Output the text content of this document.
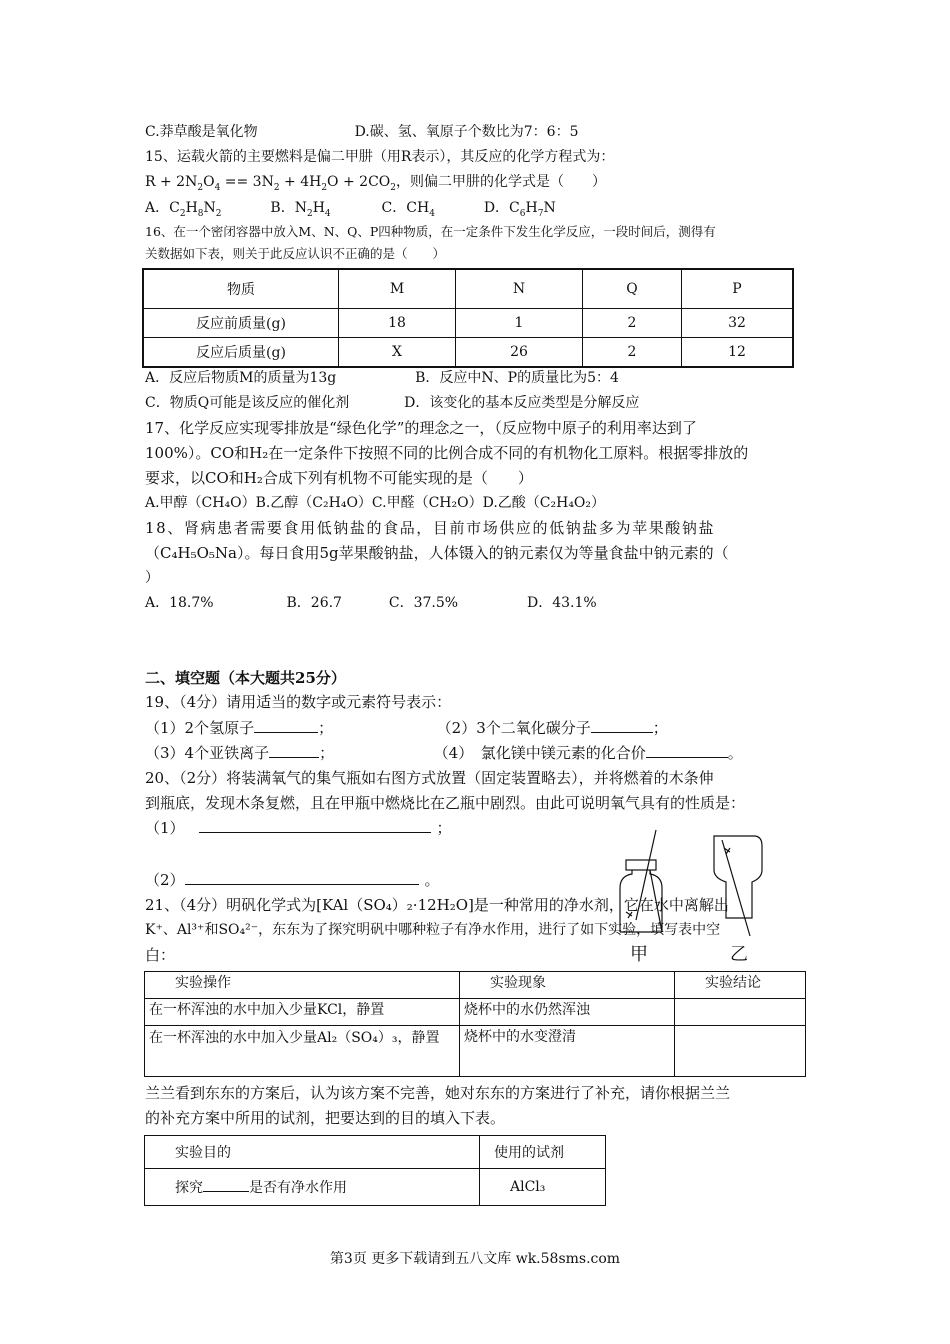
C.莽草酸是氧化物	D.碳、氢、氧原子个数比为7：6：5
15、运载火箭的主要燃料是偏二甲肼（用R表示），其反应的化学方程式为：
$R + 2N_2O_4 == 3N_2 + 4H_2O + 2CO_2$，则偏二甲肼的化学式是（　　）
A．$C_2H_8N_2$	B．$N_2H_4$	C．$CH_4$	D．$C_6H_7N$
16、在一个密闭容器中放入M、N、Q、P四种物质，在一定条件下发生化学反应，一段时间后，测得有
关数据如下表，则关于此反应认识不正确的是（　　）
物质	M	N	Q	P
反应前质量(g)	18	1	2	32
反应后质量(g)	X	26	2	12
A．反应后物质M的质量为13g	B．反应中N、P的质量比为5：4
C．物质Q可能是该反应的催化剂	D．该变化的基本反应类型是分解反应
17、化学反应实现零排放是“绿色化学”的理念之一，（反应物中原子的利用率达到了
100%）。CO和H₂在一定条件下按照不同的比例合成不同的有机物化工原料。根据零排放的
要求，以CO和H₂合成下列有机物不可能实现的是（　　）
A.甲醇（CH₄O）B.乙醇（C₂H₄O）C.甲醛（CH₂O）D.乙酸（C₂H₄O₂）
18、肾病患者需要食用低钠盐的食品，目前市场供应的低钠盐多为苹果酸钠盐
（C₄H₅O₅Na）。每日食用5g苹果酸钠盐，人体镊入的钠元素仅为等量食盐中钠元素的（
）
A．18.7%	B．26.7	C．37.5%	D．43.1%
二、填空题（本大题共25分）
19、（4分）请用适当的数字或元素符号表示：
（1）2个氢原子	；	（2）3个二氧化碳分子	；
（3）4个亚铁离子	；	（4）　氯化镁中镁元素的化合价	。
20、（2分）将装满氧气的集气瓶如右图方式放置（固定装置略去），并将燃着的木条伸
到瓶底，发现木条复燃，且在甲瓶中燃烧比在乙瓶中剧烈。由此可说明氧气具有的性质是：
（1）	；
（2）	。
甲	乙
21、（4分）明矾化学式为[KAl（SO₄）₂·12H₂O]是一种常用的净水剂，它在水中离解出
K⁺、Al³⁺和SO₄²⁻，东东为了探究明矾中哪种粒子有净水作用，进行了如下实验，填写表中空
白：
实验操作	实验现象	实验结论
在一杯浑浊的水中加入少量KCl，静置	烧杯中的水仍然浑浊	
在一杯浑浊的水中加入少量Al₂（SO₄）₃，静置	烧杯中的水变澄清	
兰兰看到东东的方案后，认为该方案不完善，她对东东的方案进行了补充，请你根据兰兰
的补充方案中所用的试剂，把要达到的目的填入下表。
实验目的	使用的试剂
探究 是否有净水作用	AlCl₃
第3页 更多下载请到五八文库 wk.58sms.com
